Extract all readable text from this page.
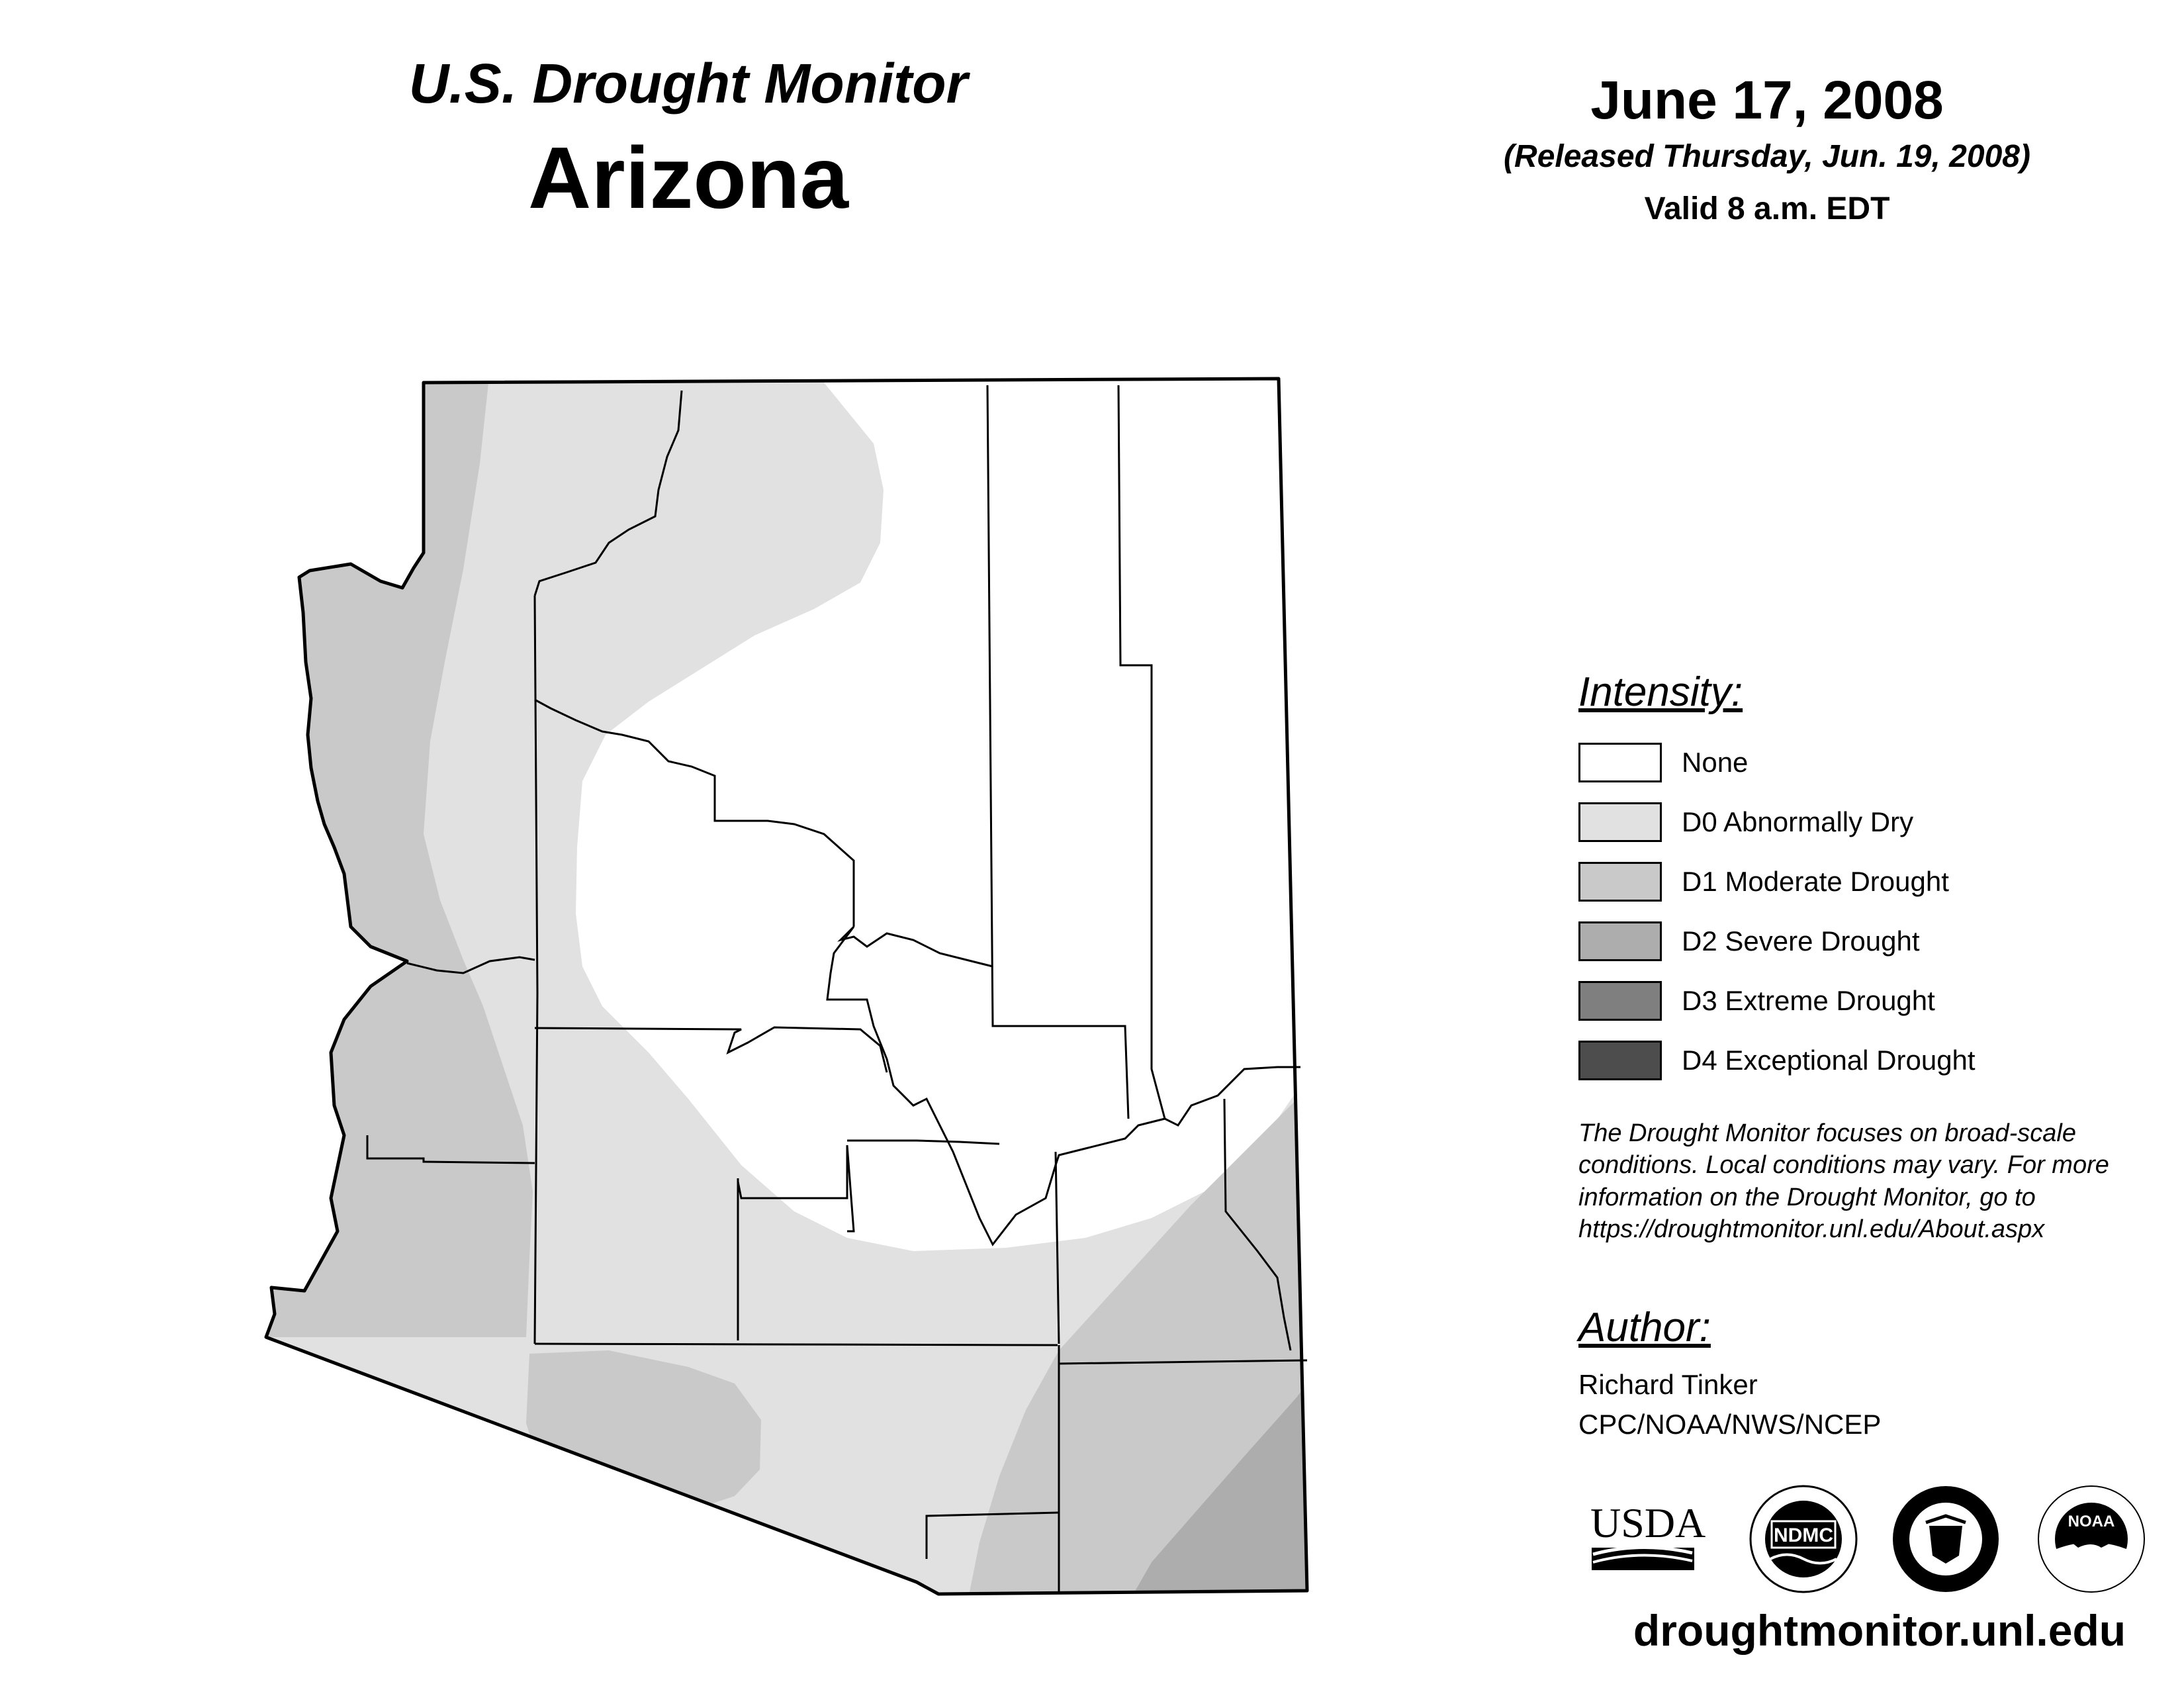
U.S. Drought Monitor
Arizona
June 17, 2008
(Released Thursday, Jun. 19, 2008)
Valid 8 a.m. EDT
Intensity:
None
D0 Abnormally Dry
D1 Moderate Drought
D2 Severe Drought
D3 Extreme Drought
D4 Exceptional Drought
The Drought Monitor focuses on broad-scale conditions. Local conditions may vary. For more information on the Drought Monitor, go to https://droughtmonitor.unl.edu/About.aspx
Author:
Richard Tinker
CPC/NOAA/NWS/NCEP
USDA	NDMC
NOAA
droughtmonitor.unl.edu
